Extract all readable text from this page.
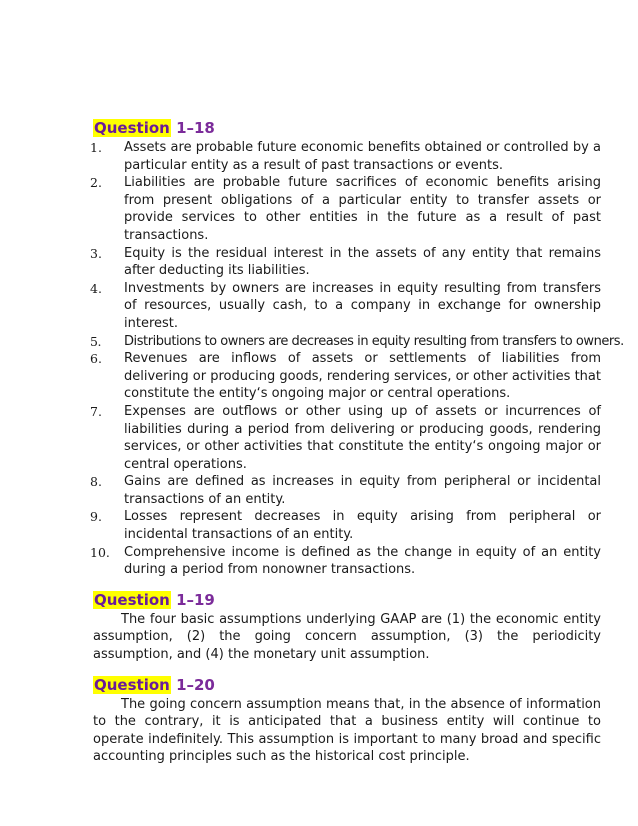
Question 1–18
1. Assets are probable future economic benefits obtained or controlled by a particular entity as a result of past transactions or events.
2. Liabilities are probable future sacrifices of economic benefits arising from present obligations of a particular entity to transfer assets or provide services to other entities in the future as a result of past transactions.
3. Equity is the residual interest in the assets of any entity that remains after deducting its liabilities.
4. Investments by owners are increases in equity resulting from transfers of resources, usually cash, to a company in exchange for ownership interest.
5. Distributions to owners are decreases in equity resulting from transfers to owners.
6. Revenues are inflows of assets or settlements of liabilities from delivering or producing goods, rendering services, or other activities that constitute the entity‘s ongoing major or central operations.
7. Expenses are outflows or other using up of assets or incurrences of liabilities during a period from delivering or producing goods, rendering services, or other activities that constitute the entity‘s ongoing major or central operations.
8. Gains are defined as increases in equity from peripheral or incidental transactions of an entity.
9. Losses represent decreases in equity arising from peripheral or incidental transactions of an entity.
10. Comprehensive income is defined as the change in equity of an entity during a period from nonowner transactions.
Question 1–19

The four basic assumptions underlying GAAP are (1) the economic entity assumption, (2) the going concern assumption, (3) the periodicity assumption, and (4) the monetary unit assumption.

Question 1–20

The going concern assumption means that, in the absence of information to the contrary, it is anticipated that a business entity will continue to operate indefinitely. This assumption is important to many broad and specific accounting principles such as the historical cost principle.
